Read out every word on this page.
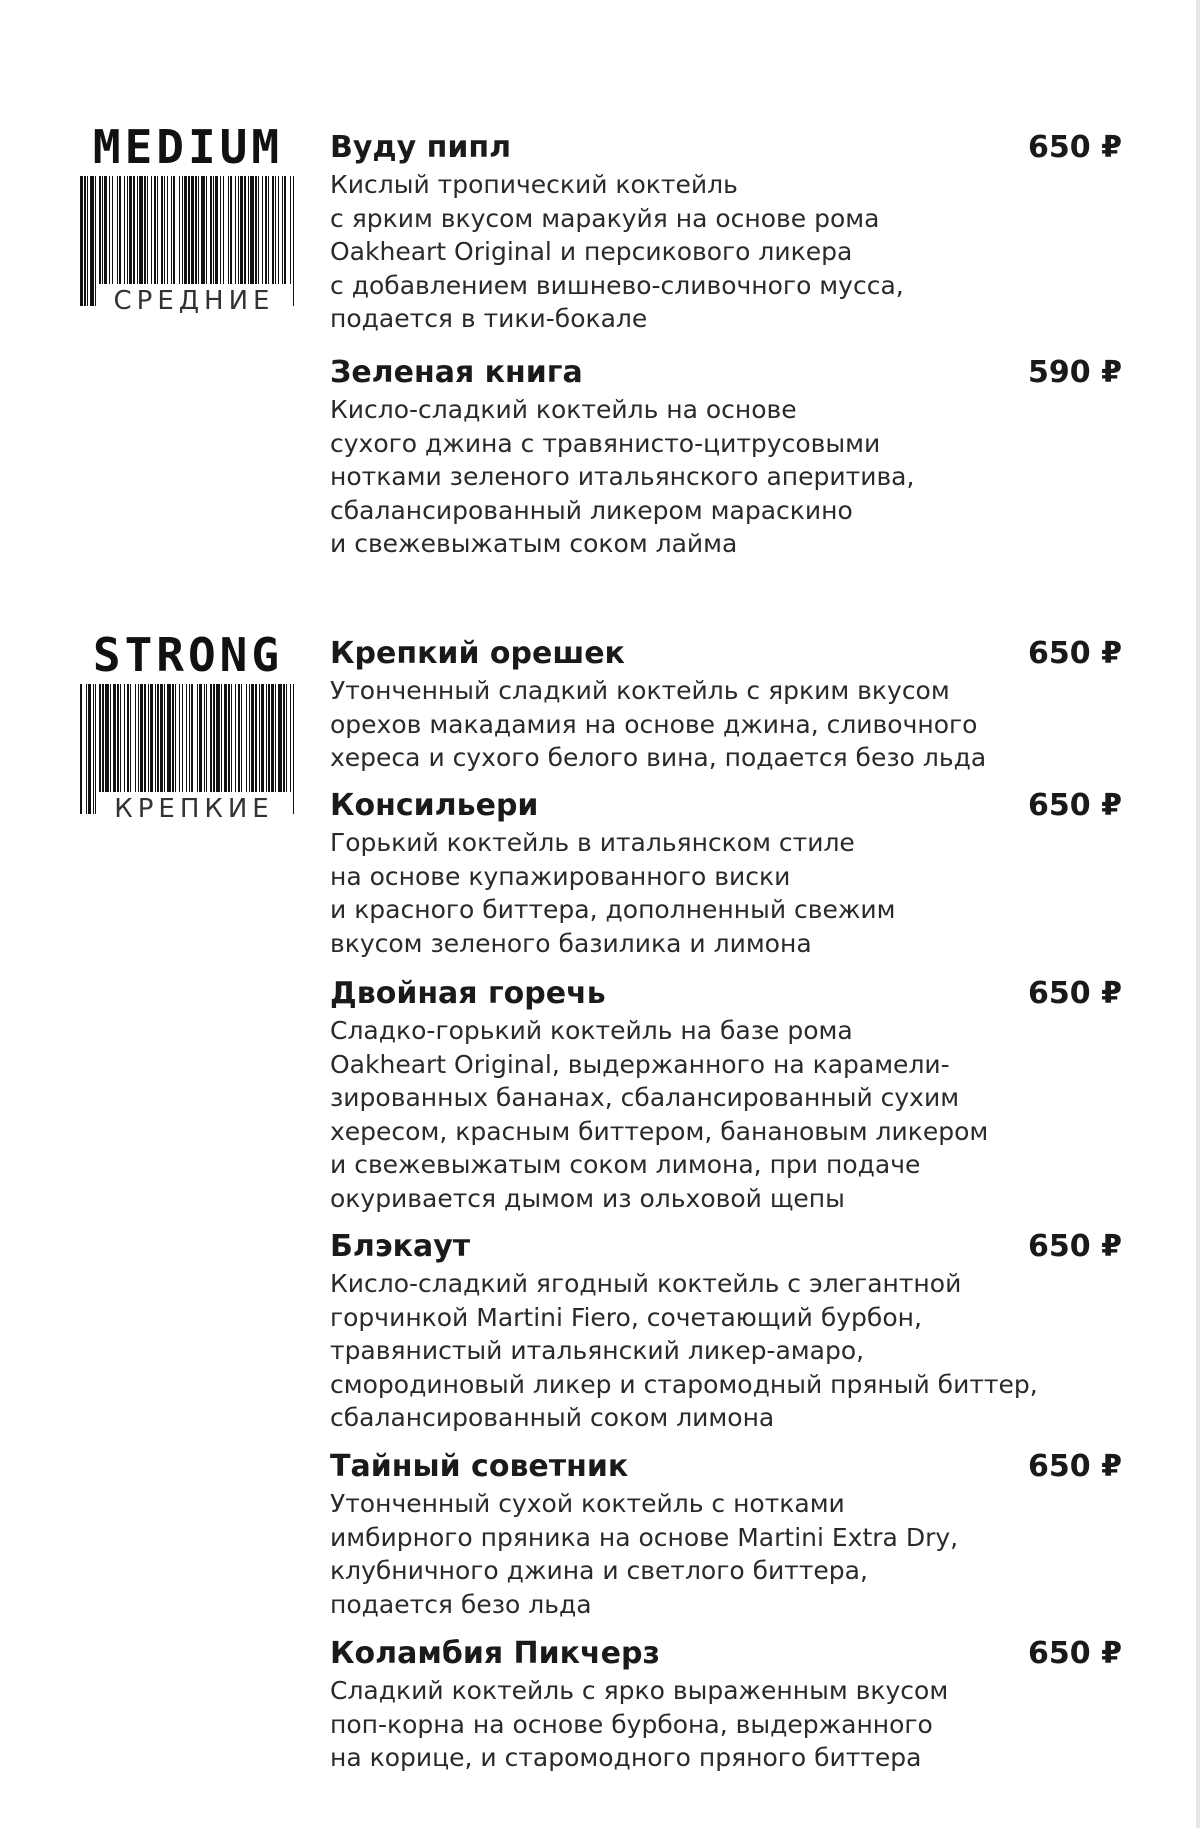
MEDIUM
СРЕДНИЕ
Вуду пипл	650 ₽
Кислый тропический коктейль
с ярким вкусом маракуйя на основе рома
Oakheart Original и персикового ликера
с добавлением вишнево-сливочного мусса,
подается в тики-бокале
Зеленая книга	590 ₽
Кисло-сладкий коктейль на основе
сухого джина с травянисто-цитрусовыми
нотками зеленого итальянского аперитива,
сбалансированный ликером мараскино
и свежевыжатым соком лайма
STRONG
КРЕПКИЕ
Крепкий орешек	650 ₽
Утонченный сладкий коктейль с ярким вкусом
орехов макадамия на основе джина, сливочного
хереса и сухого белого вина, подается безо льда
Консильери	650 ₽
Горький коктейль в итальянском стиле
на основе купажированного виски
и красного биттера, дополненный свежим
вкусом зеленого базилика и лимона
Двойная горечь	650 ₽
Сладко-горький коктейль на базе рома
Oakheart Original, выдержанного на карамели-
зированных бананах, сбалансированный сухим
хересом, красным биттером, банановым ликером
и свежевыжатым соком лимона, при подаче
окуривается дымом из ольховой щепы
Блэкаут	650 ₽
Кисло-сладкий ягодный коктейль с элегантной
горчинкой Martini Fiero, сочетающий бурбон,
травянистый итальянский ликер-амаро,
смородиновый ликер и старомодный пряный биттер,
сбалансированный соком лимона
Тайный советник	650 ₽
Утонченный сухой коктейль с нотками
имбирного пряника на основе Martini Extra Dry,
клубничного джина и светлого биттера,
подается безо льда
Коламбия Пикчерз	650 ₽
Сладкий коктейль с ярко выраженным вкусом
поп-корна на основе бурбона, выдержанного
на корице, и старомодного пряного биттера
